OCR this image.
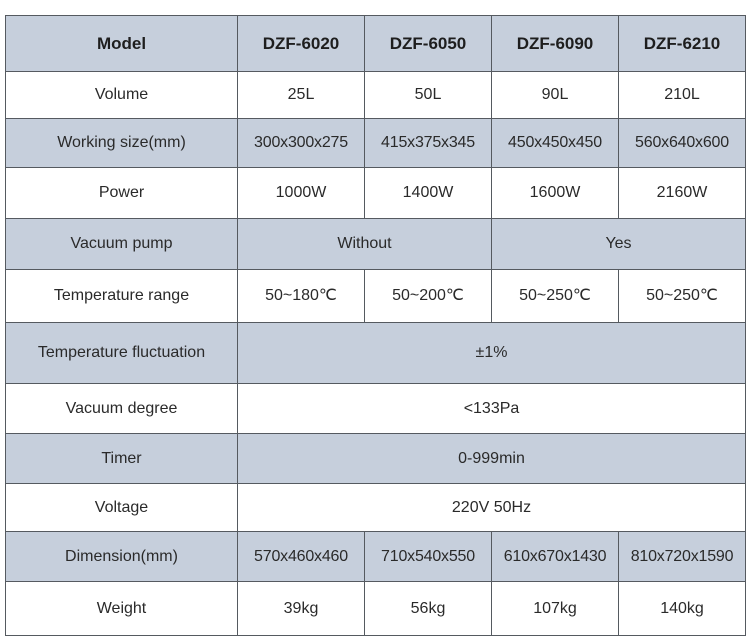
Model	DZF-6020	DZF-6050	DZF-6090	DZF-6210
Volume	25L	50L	90L	210L
Working size(mm)	300x300x275	415x375x345	450x450x450	560x640x600
Power	1000W	1400W	1600W	2160W
Vacuum pump	Without		Yes	
Temperature range	50~180℃	50~200℃	50~250℃	50~250℃
Temperature fluctuation	±1%			
Vacuum degree	<133Pa			
Timer	0-999min			
Voltage	220V 50Hz			
Dimension(mm)	570x460x460	710x540x550	610x670x1430	810x720x1590
Weight	39kg	56kg	107kg	140kg
